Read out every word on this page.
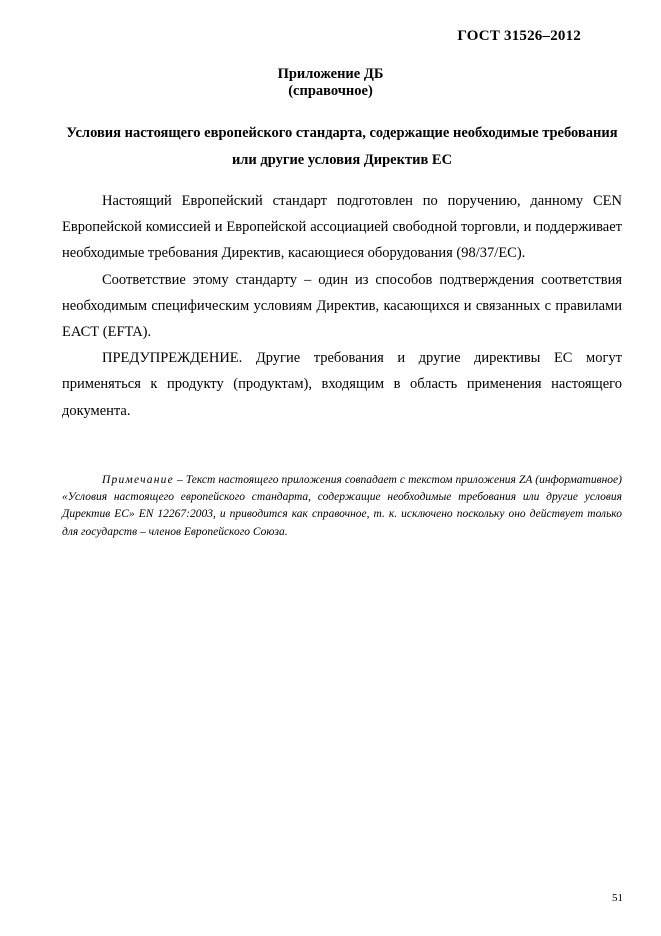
ГОСТ 31526–2012
Приложение ДБ
(справочное)
Условия настоящего европейского стандарта, содержащие необходимые требования или другие условия Директив ЕС

Настоящий Европейский стандарт подготовлен по поручению, данному CEN Европейской комиссией и Европейской ассоциацией свободной торговли, и поддерживает необходимые требования Директив, касающиеся оборудования (98/37/ЕС).

Соответствие этому стандарту – один из способов подтверждения соответствия необходимым специфическим условиям Директив, касающихся и связанных с правилами ЕАСТ (EFTA).

ПРЕДУПРЕЖДЕНИЕ. Другие требования и другие директивы ЕС могут применяться к продукту (продуктам), входящим в область применения настоящего документа.

Примечание – Текст настоящего приложения совпадает с текстом приложения ZA (информативное) «Условия настоящего европейского стандарта, содержащие необходимые требования или другие условия Директив ЕС» EN 12267:2003, и приводится как справочное, т. к. исключено поскольку оно действует только для государств – членов Европейского Союза.
51
